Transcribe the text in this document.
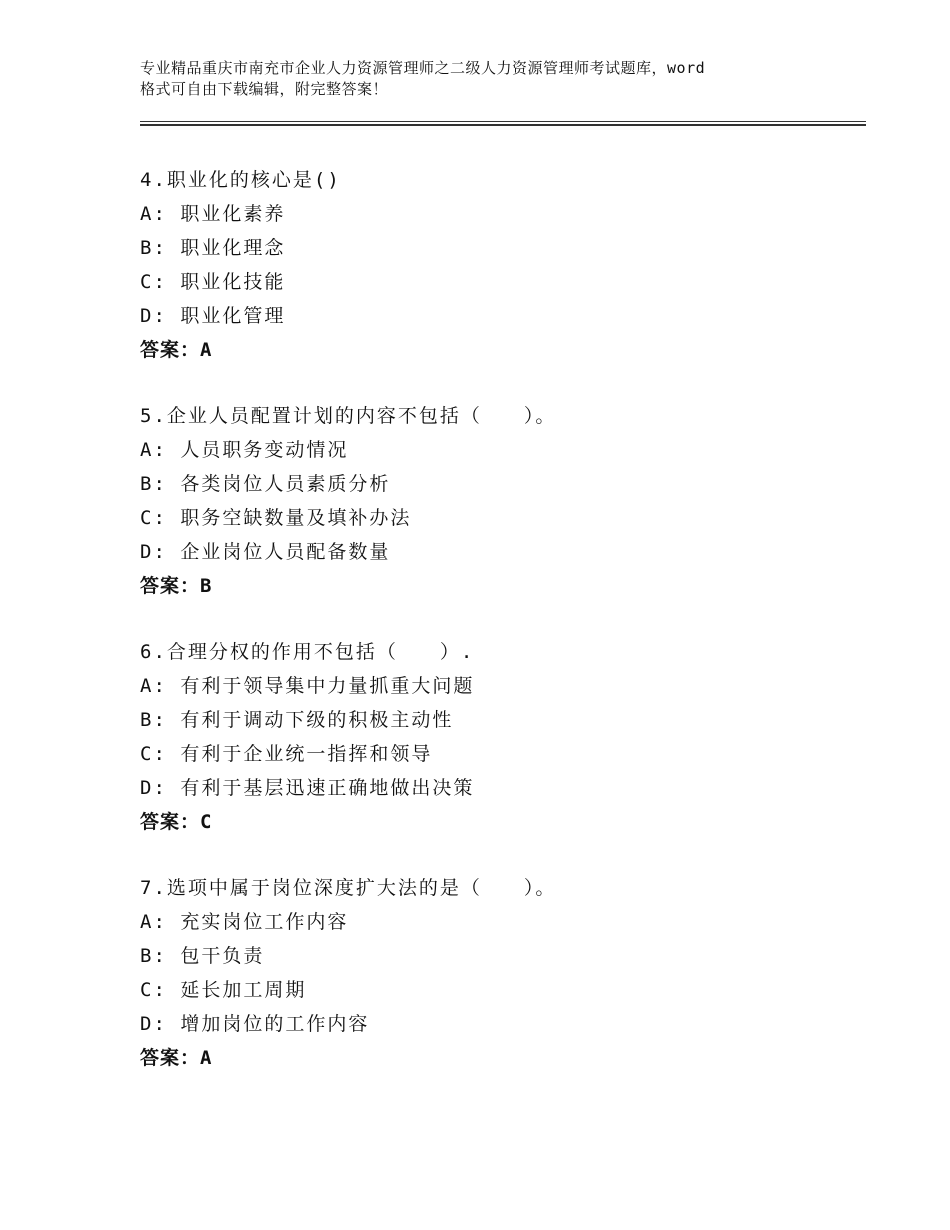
专业精品重庆市南充市企业人力资源管理师之二级人力资源管理师考试题库，word
格式可自由下载编辑，附完整答案！
4.职业化的核心是()
A: 职业化素养
B: 职业化理念
C: 职业化技能
D: 职业化管理
答案：A
5.企业人员配置计划的内容不包括（　　）。
A: 人员职务变动情况
B: 各类岗位人员素质分析
C: 职务空缺数量及填补办法
D: 企业岗位人员配备数量
答案：B
6.合理分权的作用不包括（　　）.
A: 有利于领导集中力量抓重大问题
B: 有利于调动下级的积极主动性
C: 有利于企业统一指挥和领导
D: 有利于基层迅速正确地做出决策
答案：C
7.选项中属于岗位深度扩大法的是（　　）。
A: 充实岗位工作内容
B: 包干负责
C: 延长加工周期
D: 增加岗位的工作内容
答案：A
